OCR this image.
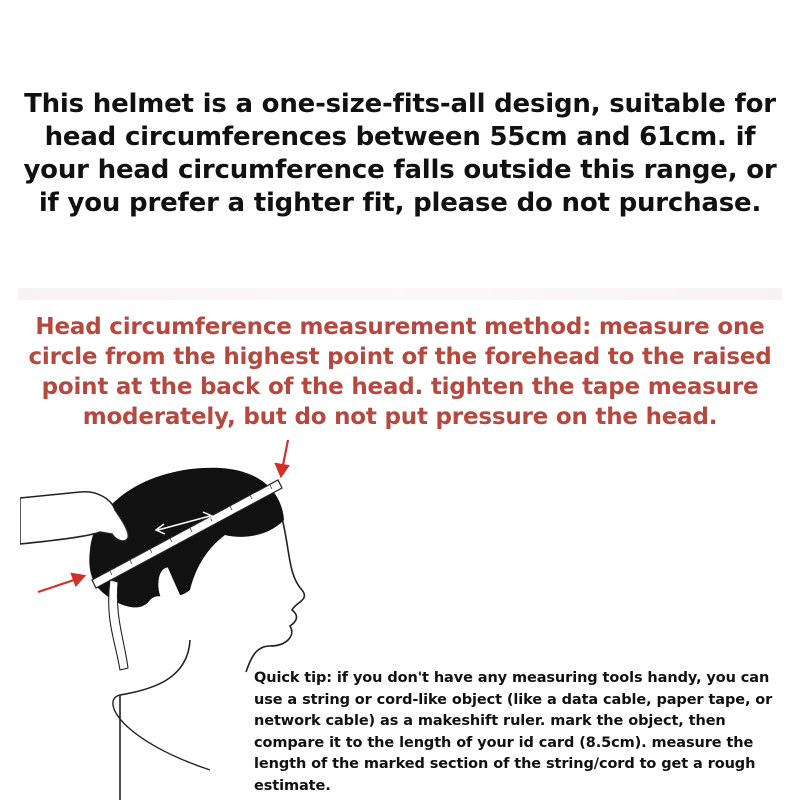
This helmet is a one-size-fits-all design, suitable for head circumferences between 55cm and 61cm. if your head circumference falls outside this range, or if you prefer a tighter fit, please do not purchase.
Head circumference measurement method: measure one circle from the highest point of the forehead to the raised point at the back of the head. tighten the tape measure moderately, but do not put pressure on the head.
Quick tip: if you don't have any measuring tools handy, you can use a string or cord-like object (like a data cable, paper tape, or network cable) as a makeshift ruler. mark the object, then compare it to the length of your id card (8.5cm). measure the length of the marked section of the string/cord to get a rough estimate.
